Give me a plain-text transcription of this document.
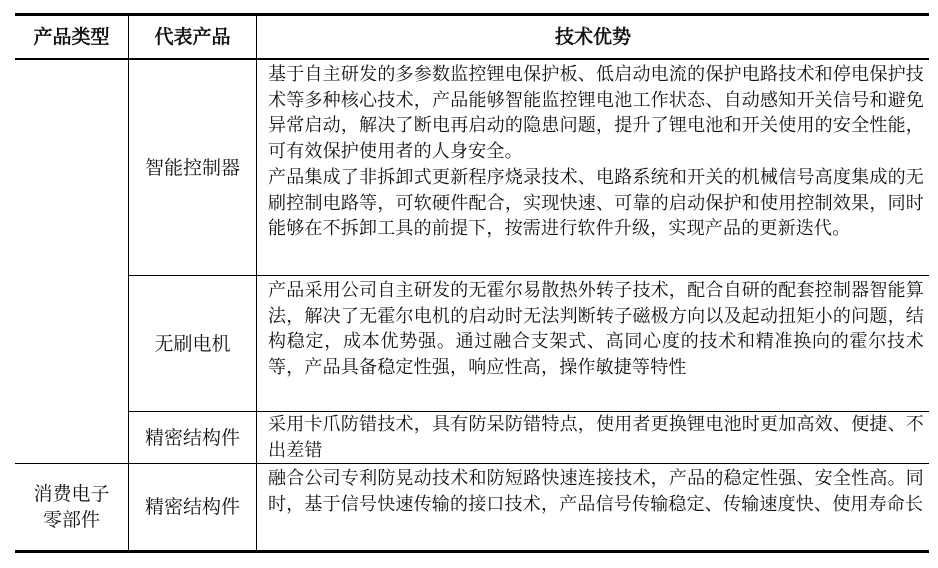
产品类型	代表产品	技术优势
智能控制器

基于自主研发的多参数监控锂电保护板、低启动电流的保护电路技术和停电保护技术等多种核心技术，产品能够智能监控锂电池工作状态、自动感知开关信号和避免异常启动，解决了断电再启动的隐患问题，提升了锂电池和开关使用的安全性能，可有效保护使用者的人身安全。

产品集成了非拆卸式更新程序烧录技术、电路系统和开关的机械信号高度集成的无刷控制电路等，可软硬件配合，实现快速、可靠的启动保护和使用控制效果，同时能够在不拆卸工具的前提下，按需进行软件升级，实现产品的更新迭代。

无刷电机

产品采用公司自主研发的无霍尔易散热外转子技术，配合自研的配套控制器智能算法，解决了无霍尔电机的启动时无法判断转子磁极方向以及起动扭矩小的问题，结构稳定，成本优势强。通过融合支架式、高同心度的技术和精准换向的霍尔技术等，产品具备稳定性强，响应性高，操作敏捷等特性

精密结构件

采用卡爪防错技术，具有防呆防错特点，使用者更换锂电池时更加高效、便捷、不出差错

消费电子
零部件
精密结构件

融合公司专利防晃动技术和防短路快速连接技术，产品的稳定性强、安全性高。同时，基于信号快速传输的接口技术，产品信号传输稳定、传输速度快、使用寿命长
